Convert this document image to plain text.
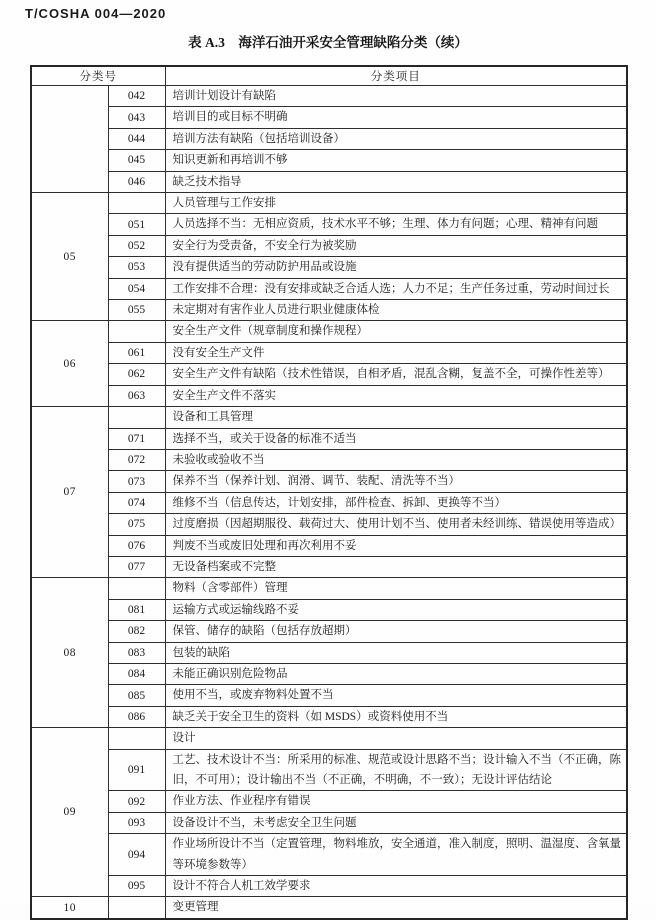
T/COSHA 004—2020
表 A.3　海洋石油开采安全管理缺陷分类（续）
分类号		分类项目
	042	培训计划设计有缺陷
	043	培训目的或目标不明确
	044	培训方法有缺陷（包括培训设备）
	045	知识更新和再培训不够
	046	缺乏技术指导
05		人员管理与工作安排
	051	人员选择不当：无相应资质，技术水平不够；生理、体力有问题；心理、精神有问题
	052	安全行为受责备，不安全行为被奖励
	053	没有提供适当的劳动防护用品或设施
	054	工作安排不合理：没有安排或缺乏合适人选；人力不足；生产任务过重，劳动时间过长
	055	未定期对有害作业人员进行职业健康体检
06		安全生产文件（规章制度和操作规程）
	061	没有安全生产文件
	062	安全生产文件有缺陷（技术性错误，自相矛盾，混乱含糊，复盖不全，可操作性差等）
	063	安全生产文件不落实
07		设备和工具管理
	071	选择不当，或关于设备的标准不适当
	072	未验收或验收不当
	073	保养不当（保养计划、润滑、调节、装配、清洗等不当）
	074	维修不当（信息传达，计划安排，部件检查、拆卸、更换等不当）
	075	过度磨损（因超期服役、载荷过大、使用计划不当、使用者未经训练、错误使用等造成）
	076	判废不当或废旧处理和再次利用不妥
	077	无设备档案或不完整
08		物料（含零部件）管理
	081	运输方式或运输线路不妥
	082	保管、储存的缺陷（包括存放超期）
	083	包装的缺陷
	084	未能正确识别危险物品
	085	使用不当，或废弃物料处置不当
	086	缺乏关于安全卫生的资料（如 MSDS）或资料使用不当
09		设计
	091	工艺、技术设计不当：所采用的标准、规范或设计思路不当；设计输入不当（不正确，陈旧，不可用）；设计输出不当（不正确，不明确，不一致）；无设计评估结论
	092	作业方法、作业程序有错误
	093	设备设计不当，未考虑安全卫生问题
	094	作业场所设计不当（定置管理，物料堆放，安全通道，准入制度，照明、温湿度、含氧量等环境参数等）
	095	设计不符合人机工效学要求
10		变更管理
